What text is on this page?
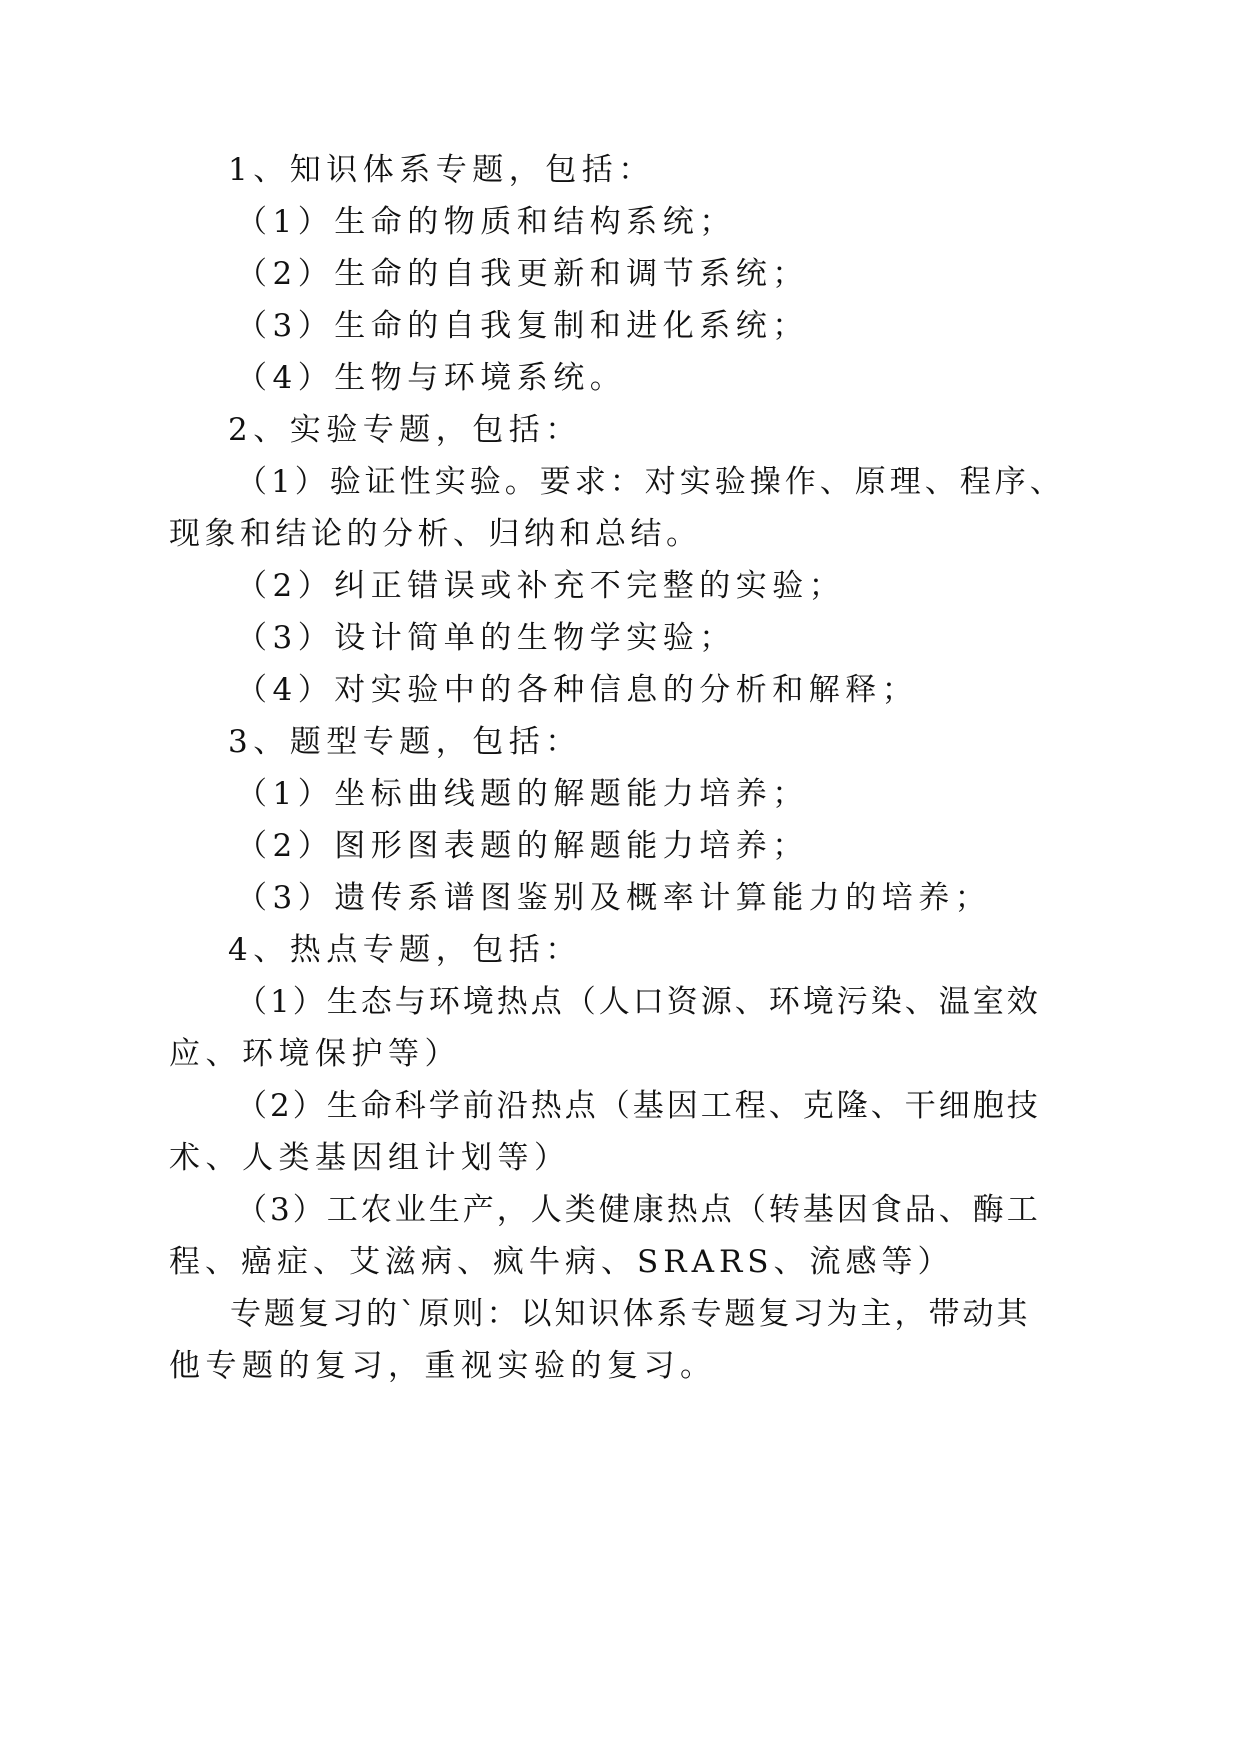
1、知识体系专题，包括：

（1）生命的物质和结构系统；

（2）生命的自我更新和调节系统；

（3）生命的自我复制和进化系统；

（4）生物与环境系统。

2、实验专题，包括：

（1）验证性实验。要求：对实验操作、原理、程序、

现象和结论的分析、归纳和总结。

（2）纠正错误或补充不完整的实验；

（3）设计简单的生物学实验；

（4）对实验中的各种信息的分析和解释；

3、题型专题，包括：

（1）坐标曲线题的解题能力培养；

（2）图形图表题的解题能力培养；

（3）遗传系谱图鉴别及概率计算能力的培养；

4、热点专题，包括：

（1）生态与环境热点（人口资源、环境污染、温室效

应、环境保护等）

（2）生命科学前沿热点（基因工程、克隆、干细胞技

术、人类基因组计划等）

（3）工农业生产，人类健康热点（转基因食品、酶工

程、癌症、艾滋病、疯牛病、SRARS、流感等）

专题复习的`原则：以知识体系专题复习为主，带动其

他专题的复习，重视实验的复习。
